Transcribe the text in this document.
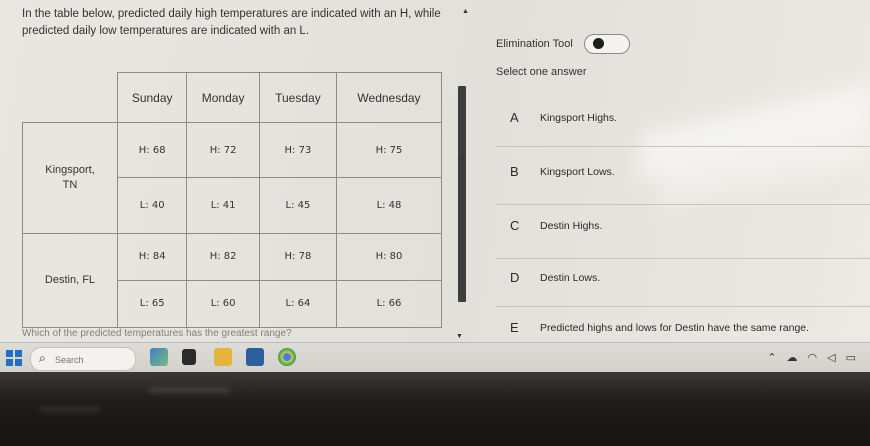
In the table below, predicted daily high temperatures are indicated with an H, while predicted daily low temperatures are indicated with an L.
▲
Elimination Tool
Select one answer
	Sunday	Monday	Tuesday	Wednesday
Kingsport,
TN	H: 68	H: 72	H: 73	H: 75
	L: 40	L: 41	L: 45	L: 48
Destin, FL	H: 84	H: 82	H: 78	H: 80
	L: 65	L: 60	L: 64	L: 66
≡
▼
A Kingsport Highs.
B Kingsport Lows.
C Destin Highs.
D Destin Lows.
E Predicted highs and lows for Destin have the same range.
Which of the predicted temperatures has the greatest range?
⌕
Search	⌃ ☁ ◠ ◁ ▭
